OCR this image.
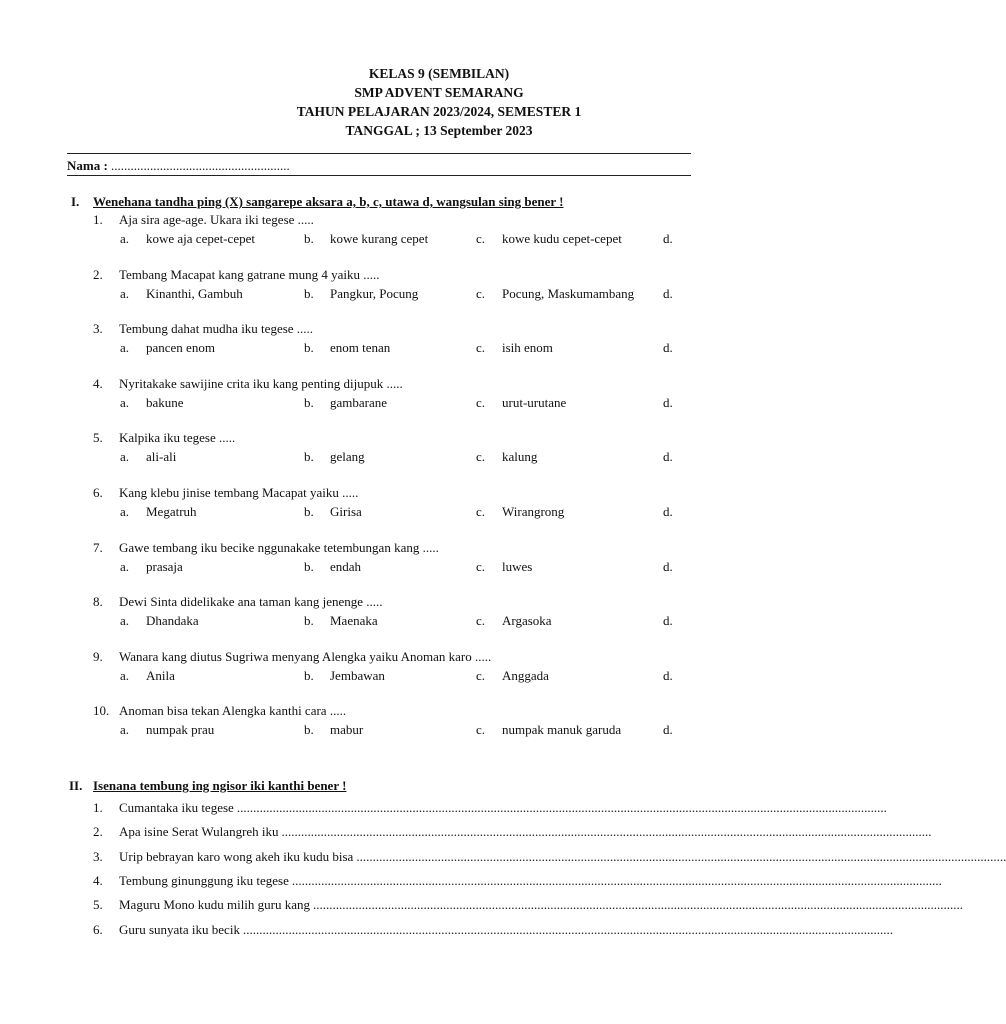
KELAS 9 (SEMBILAN)
SMP ADVENT SEMARANG
TAHUN PELAJARAN 2023/2024, SEMESTER 1
TANGGAL ; 13 September 2023
Nama : .......................................................
I. Wenehana tandha ping (X) sangarepe aksara a, b, c, utawa d, wangsulan sing bener !
1. Aja sira age-age. Ukara iki tegese .....
a. kowe aja cepet-cepet	b. kowe kurang cepet	c. kowe kudu cepet-cepet	d.
2. Tembang Macapat kang gatrane mung 4 yaiku .....
a. Kinanthi, Gambuh	b. Pangkur, Pocung	c. Pocung, Maskumambang d.
3. Tembung dahat mudha iku tegese .....
a. pancen enom	b. enom tenan	c. isih enom	d.
4. Nyritakake sawijine crita iku kang penting dijupuk .....
a. bakune	b. gambarane	c. urut-urutane	d.
5. Kalpika iku tegese .....
a. ali-ali	b. gelang	c. kalung	d.
6. Kang klebu jinise tembang Macapat yaiku .....
a. Megatruh	b. Girisa	c. Wirangrong	d.
7. Gawe tembang iku becike nggunakake tetembungan kang .....
a. prasaja	b. endah	c. luwes	d.
8. Dewi Sinta didelikake ana taman kang jenenge .....
a. Dhandaka	b. Maenaka	c. Argasoka	d.
9. Wanara kang diutus Sugriwa menyang Alengka yaiku Anoman karo .....
a. Anila	b. Jembawan	c. Anggada	d.
10. Anoman bisa tekan Alengka kanthi cara .....
a. numpak prau	b. mabur	c. numpak manuk garuda	d.
II. Isenana tembung ing ngisor iki kanthi bener !
1. Cumantaka iku tegese ........................................................................................................................................................................................................
2. Apa isine Serat Wulangreh iku ........................................................................................................................................................................................................
3. Urip bebrayan karo wong akeh iku kudu bisa ........................................................................................................................................................................................................
4. Tembung ginunggung iku tegese ........................................................................................................................................................................................................
5. Maguru Mono kudu milih guru kang ........................................................................................................................................................................................................
6. Guru sunyata iku becik ........................................................................................................................................................................................................
